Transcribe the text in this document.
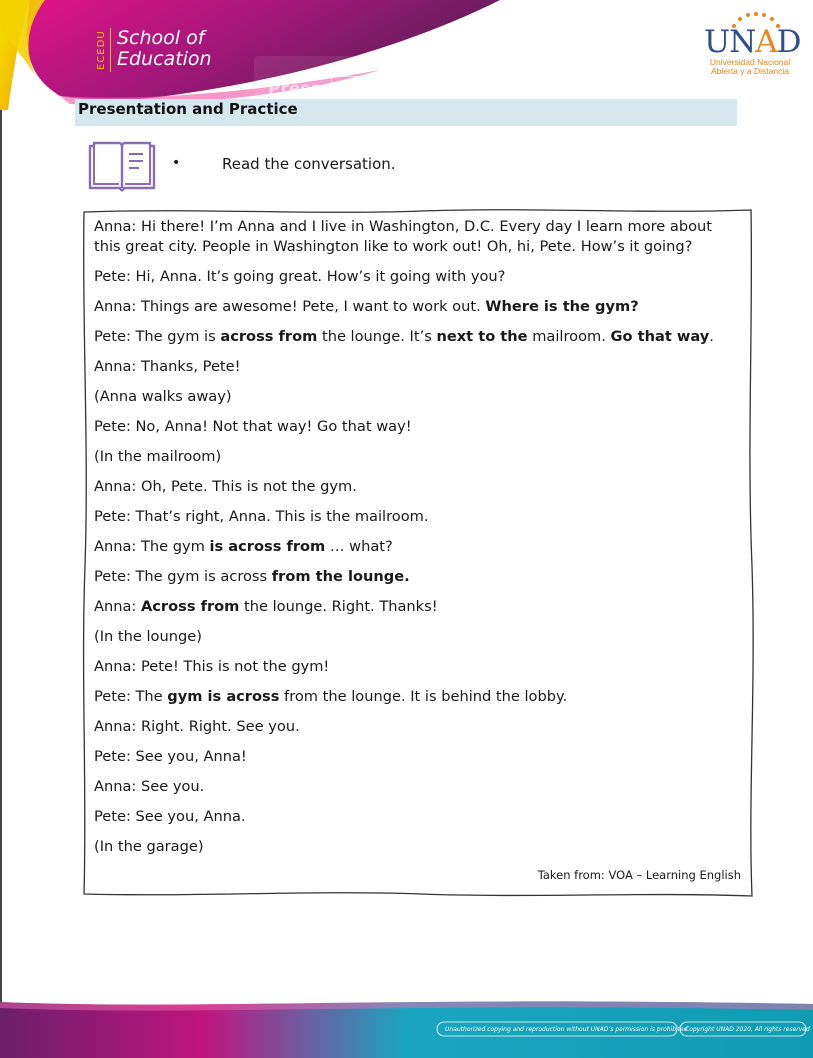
ECEDU School of
Education	UNAD
Universidad Nacional
Abierta y a Distancia
Press	Esc	to exit full screen
Presentation and Practice
•	Read the conversation.
Anna: Hi there! I’m Anna and I live in Washington, D.C. Every day I learn more about this great city. People in Washington like to work out! Oh, hi, Pete. How’s it going?
Pete: Hi, Anna. It’s going great. How’s it going with you?
Anna: Things are awesome! Pete, I want to work out. Where is the gym?
Pete: The gym is across from the lounge. It’s next to the mailroom. Go that way.
Anna: Thanks, Pete!
(Anna walks away)
Pete: No, Anna! Not that way! Go that way!
(In the mailroom)
Anna: Oh, Pete. This is not the gym.
Pete: That’s right, Anna. This is the mailroom.
Anna: The gym is across from … what?
Pete: The gym is across from the lounge.
Anna: Across from the lounge. Right. Thanks!
(In the lounge)
Anna: Pete! This is not the gym!
Pete: The gym is across from the lounge. It is behind the lobby.
Anna: Right. Right. See you.
Pete: See you, Anna!
Anna: See you.
Pete: See you, Anna.
(In the garage)
Taken from: VOA – Learning English
Unauthorized copying and reproduction without UNAD’s permission is prohibited
Copyright UNAD 2020, All rights reserved
